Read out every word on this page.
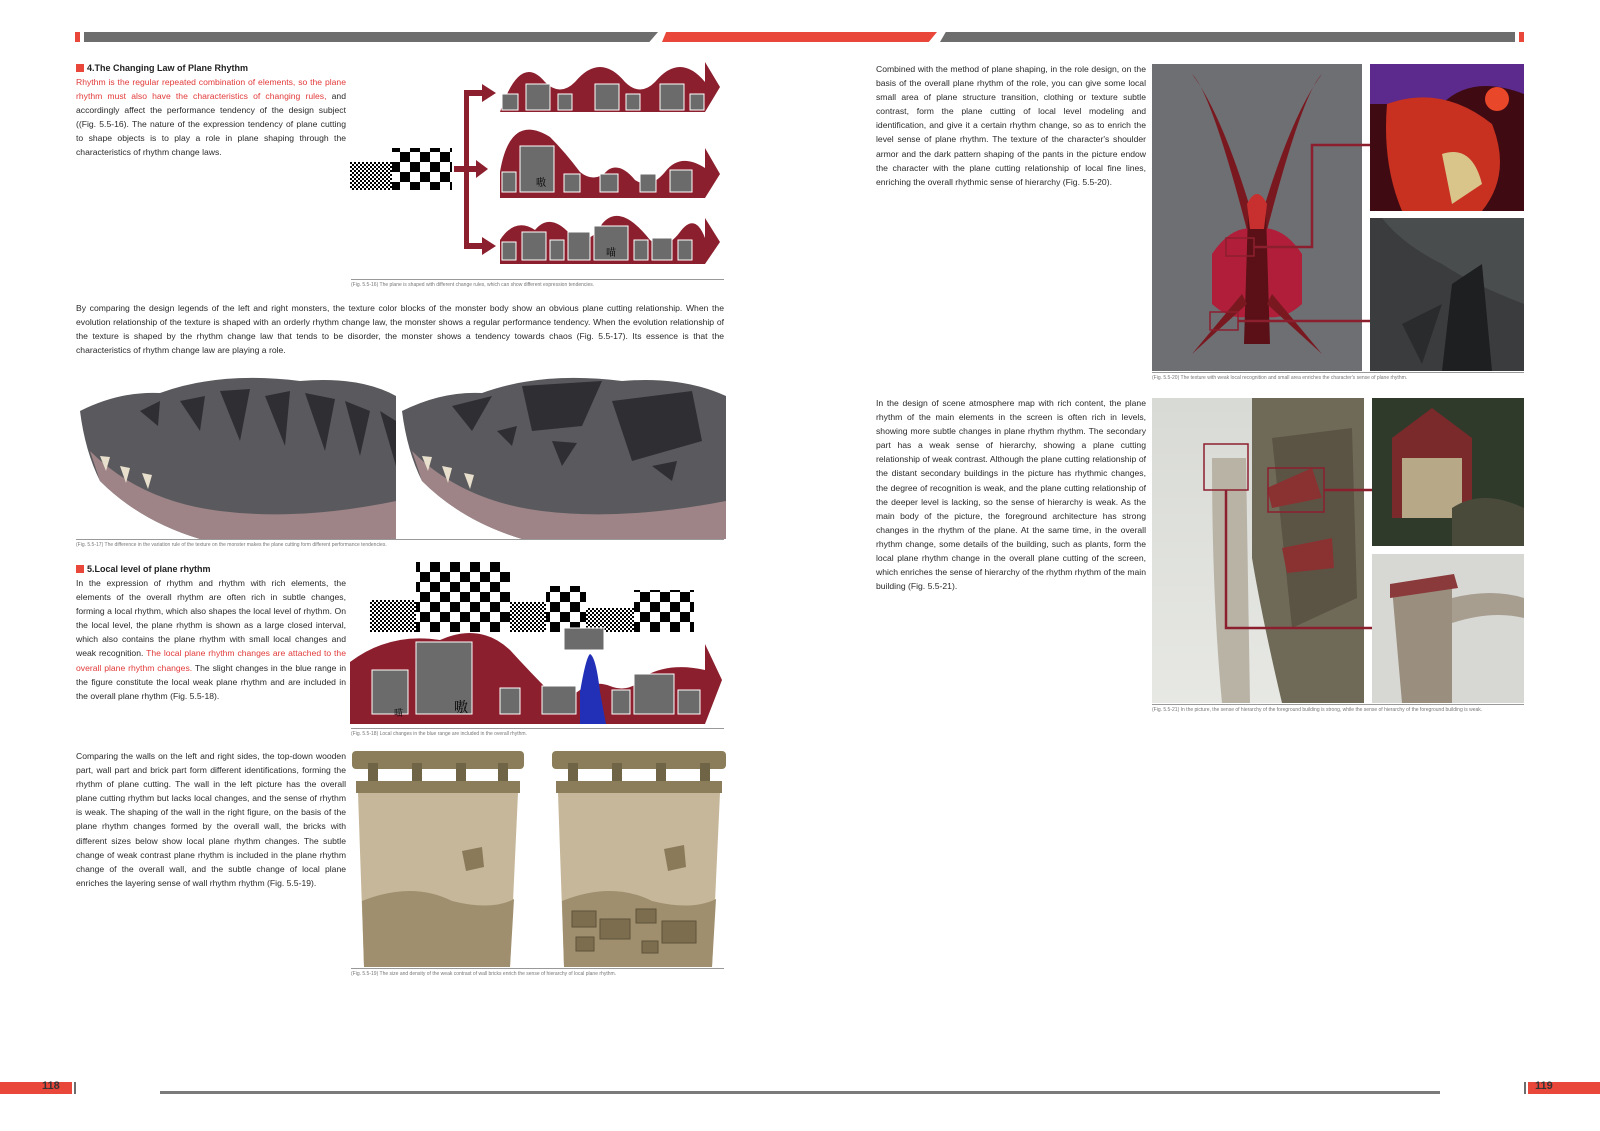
4.The Changing Law of Plane Rhythm
Rhythm is the regular repeated combination of elements, so the plane rhythm must also have the characteristics of changing rules, and accordingly affect the performance tendency of the design subject ((Fig. 5.5-16). The nature of the expression tendency of plane cutting to shape objects is to play a role in plane shaping through the characteristics of rhythm change laws.
嗷
喵
(Fig. 5.5-16) The plane is shaped with different change rules, which can show different expression tendencies.
By comparing the design legends of the left and right monsters, the texture color blocks of the monster body show an obvious plane cutting relationship. When the evolution relationship of the texture is shaped with an orderly rhythm change law, the monster shows a regular performance tendency. When the evolution relationship of the texture is shaped by the rhythm change law that tends to be disorder, the monster shows a tendency towards chaos (Fig. 5.5-17). Its essence is that the characteristics of rhythm change law are playing a role.
(Fig. 5.5-17) The difference in the variation rule of the texture on the monster makes the plane cutting form different performance tendencies.
5.Local level of plane rhythm
In the expression of rhythm and rhythm with rich elements, the elements of the overall rhythm are often rich in subtle changes, forming a local rhythm, which also shapes the local level of rhythm. On the local level, the plane rhythm is shown as a large closed interval, which also contains the plane rhythm with small local changes and weak recognition. The local plane rhythm changes are attached to the overall plane rhythm changes. The slight changes in the blue range in the figure constitute the local weak plane rhythm and are included in the overall plane rhythm (Fig. 5.5-18).
喵	嗷
(Fig. 5.5-18) Local changes in the blue range are included in the overall rhythm.
Comparing the walls on the left and right sides, the top-down wooden part, wall part and brick part form different identifications, forming the rhythm of plane cutting. The wall in the left picture has the overall plane cutting rhythm but lacks local changes, and the sense of rhythm is weak. The shaping of the wall in the right figure, on the basis of the plane rhythm changes formed by the overall wall, the bricks with different sizes below show local plane rhythm changes. The subtle change of weak contrast plane rhythm is included in the plane rhythm change of the overall wall, and the subtle change of local plane enriches the layering sense of wall rhythm rhythm (Fig. 5.5-19).
(Fig. 5.5-19) The size and density of the weak contrast of wall bricks enrich the sense of hierarchy of local plane rhythm.
Combined with the method of plane shaping, in the role design, on the basis of the overall plane rhythm of the role, you can give some local small area of plane structure transition, clothing or texture subtle contrast, form the plane cutting of local level modeling and identification, and give it a certain rhythm change, so as to enrich the level sense of plane rhythm. The texture of the character's shoulder armor and the dark pattern shaping of the pants in the picture endow the character with the plane cutting relationship of local fine lines, enriching the overall rhythmic sense of hierarchy (Fig. 5.5-20).
(Fig. 5.5-20) The texture with weak local recognition and small area enriches the character's sense of plane rhythm.
In the design of scene atmosphere map with rich content, the plane rhythm of the main elements in the screen is often rich in levels, showing more subtle changes in plane rhythm rhythm. The secondary part has a weak sense of hierarchy, showing a plane cutting relationship of weak contrast. Although the plane cutting relationship of the distant secondary buildings in the picture has rhythmic changes, the degree of recognition is weak, and the plane cutting relationship of the deeper level is lacking, so the sense of hierarchy is weak. As the main body of the picture, the foreground architecture has strong changes in the rhythm of the plane. At the same time, in the overall rhythm change, some details of the building, such as plants, form the local plane rhythm change in the overall plane cutting of the screen, which enriches the sense of hierarchy of the rhythm rhythm of the main building (Fig. 5.5-21).
(Fig. 5.5-21) In the picture, the sense of hierarchy of the foreground building is strong, while the sense of hierarchy of the foreground building is weak.
118	119
